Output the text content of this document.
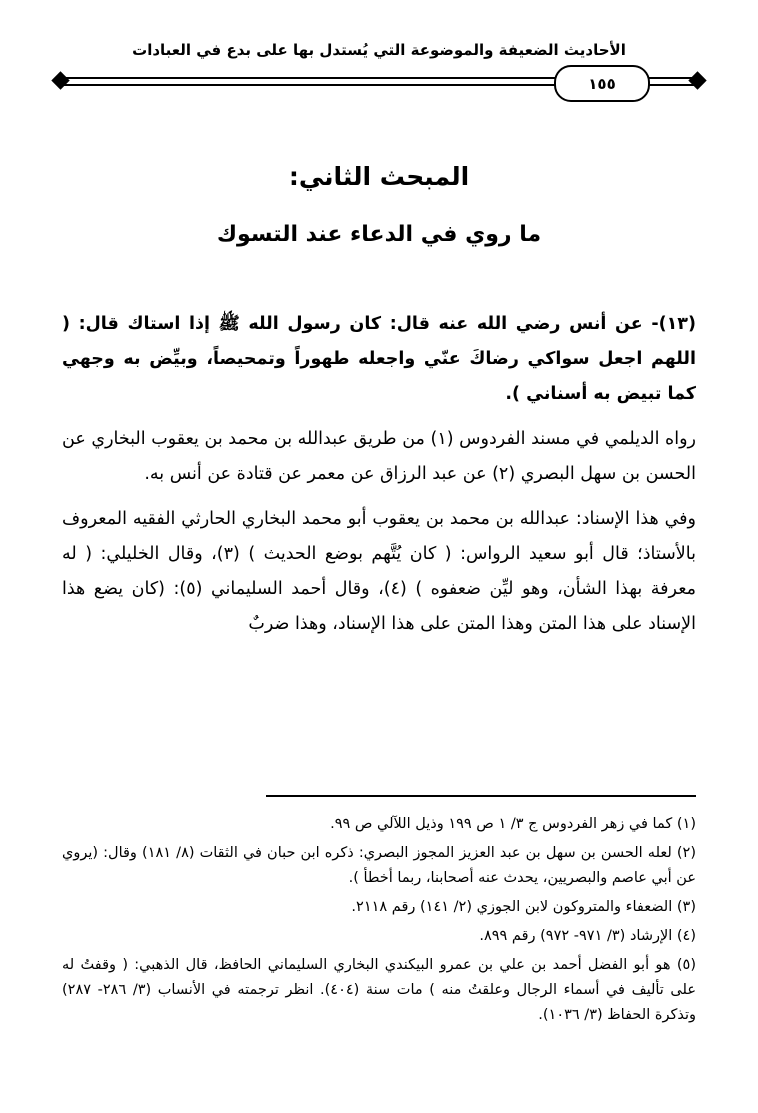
الأحاديث الضعيفة والموضوعة التي يُستدل بها على بدع في العبادات
١٥٥
المبحث الثاني:
ما روي في الدعاء عند التسوك

(١٣)- عن أنس رضي الله عنه قال: كان رسول الله ﷺ إذا استاك قال: ( اللهم اجعل سواكي رضاكَ عنّي واجعله طهوراً وتمحيصاً، وبيِّض به وجهي كما تبيض به أسناني ).

رواه الديلمي في مسند الفردوس (١) من طريق عبدالله بن محمد بن يعقوب البخاري عن الحسن بن سهل البصري (٢) عن عبد الرزاق عن معمر عن قتادة عن أنس به.

وفي هذا الإسناد: عبدالله بن محمد بن يعقوب أبو محمد البخاري الحارثي الفقيه المعروف بالأستاذ؛ قال أبو سعيد الرواس: ( كان يُتَّهم بوضع الحديث ) (٣)، وقال الخليلي: ( له معرفة بهذا الشأن، وهو ليِّن ضعفوه ) (٤)، وقال أحمد السليماني (٥): (كان يضع هذا الإسناد على هذا المتن وهذا المتن على هذا الإسناد، وهذا ضربٌ

(١) كما في زهر الفردوس ج ٣/ ١ ص ١٩٩ وذيل اللآلي ص ٩٩.
(٢) لعله الحسن بن سهل بن عبد العزيز المجوز البصري: ذكره ابن حبان في الثقات (٨/ ١٨١) وقال: (يروي عن أبي عاصم والبصريين، يحدث عنه أصحابنا، ربما أخطأ ).
(٣) الضعفاء والمتروكون لابن الجوزي (٢/ ١٤١) رقم ٢١١٨.
(٤) الإرشاد (٣/ ٩٧١- ٩٧٢) رقم ٨٩٩.
(٥) هو أبو الفضل أحمد بن علي بن عمرو البيكندي البخاري السليماني الحافظ، قال الذهبي: ( وقفتُ له على تأليف في أسماء الرجال وعلقتُ منه ) مات سنة (٤٠٤). انظر ترجمته في الأنساب (٣/ ٢٨٦- ٢٨٧) وتذكرة الحفاظ (٣/ ١٠٣٦).
